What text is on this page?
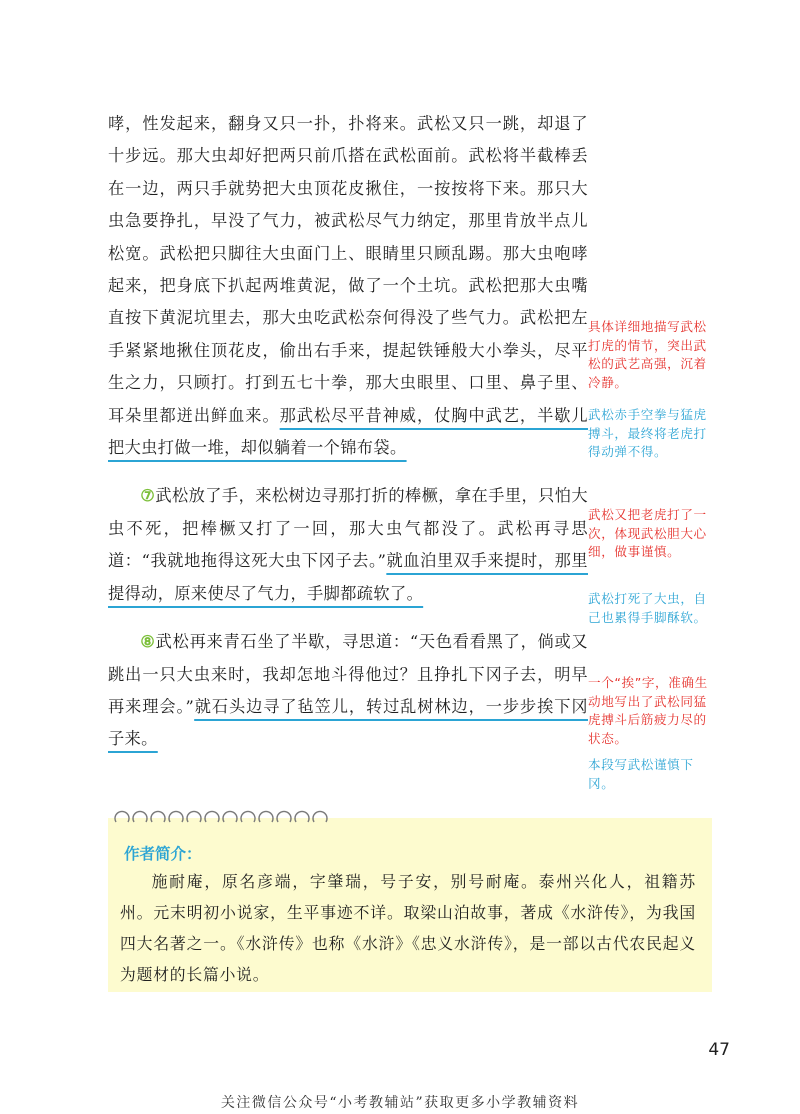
哮，性发起来，翻身又只一扑，扑将来。武松又只一跳，却退了十步远。那大虫却好把两只前爪搭在武松面前。武松将半截棒丢在一边，两只手就势把大虫顶花皮揪住，一按按将下来。那只大虫急要挣扎，早没了气力，被武松尽气力纳定，那里肯放半点儿松宽。武松把只脚往大虫面门上、眼睛里只顾乱踢。那大虫咆哮起来，把身底下扒起两堆黄泥，做了一个土坑。武松把那大虫嘴直按下黄泥坑里去，那大虫吃武松奈何得没了些气力。武松把左手紧紧地揪住顶花皮，偷出右手来，提起铁锤般大小拳头，尽平生之力，只顾打。打到五七十拳，那大虫眼里、口里、鼻子里、耳朵里都迸出鲜血来。那武松尽平昔神威，仗胸中武艺，半歇儿把大虫打做一堆，却似躺着一个锦布袋。

⑦武松放了手，来松树边寻那打折的棒橛，拿在手里，只怕大虫不死，把棒橛又打了一回，那大虫气都没了。武松再寻思道：“我就地拖得这死大虫下冈子去。”就血泊里双手来提时，那里提得动，原来使尽了气力，手脚都疏软了。

⑧武松再来青石坐了半歇，寻思道：“天色看看黑了，倘或又跳出一只大虫来时，我却怎地斗得他过？且挣扎下冈子去，明早再来理会。”就石头边寻了毡笠儿，转过乱树林边，一步步挨下冈子来。

具体详细地描写武松打虎的情节，突出武松的武艺高强，沉着冷静。
武松赤手空拳与猛虎搏斗，最终将老虎打得动弹不得。
武松又把老虎打了一次，体现武松胆大心细，做事谨慎。
武松打死了大虫，自己也累得手脚酥软。
一个“挨”字，准确生动地写出了武松同猛虎搏斗后筋疲力尽的状态。
本段写武松谨慎下冈。

作者简介：

施耐庵，原名彦端，字肇瑞，号子安，别号耐庵。泰州兴化人，祖籍苏州。元末明初小说家，生平事迹不详。取梁山泊故事，著成《水浒传》，为我国四大名著之一。《水浒传》也称《水浒》《忠义水浒传》，是一部以古代农民起义为题材的长篇小说。

47
关注微信公众号“小考教辅站”获取更多小学教辅资料
